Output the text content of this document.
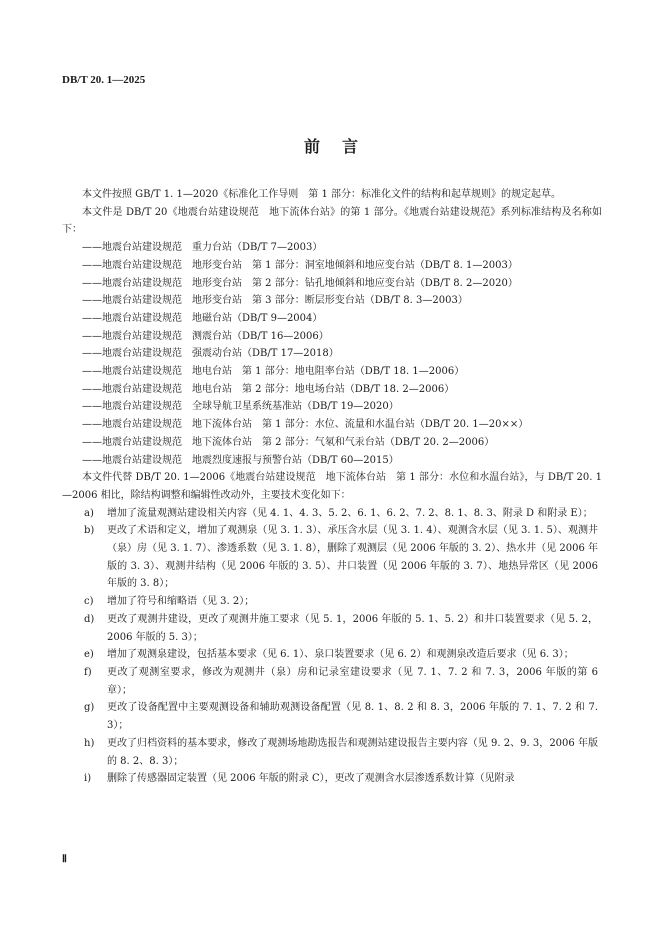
DB/T 20. 1—2025
前言

本文件按照 GB/T 1. 1—2020《标准化工作导则　第 1 部分：标准化文件的结构和起草规则》的规定起草。

本文件是 DB/T 20《地震台站建设规范　地下流体台站》的第 1 部分。《地震台站建设规范》系列标准结构及名称如下：

——地震台站建设规范　重力台站（DB/T 7—2003）
——地震台站建设规范　地形变台站　第 1 部分：洞室地倾斜和地应变台站（DB/T 8. 1—2003）
——地震台站建设规范　地形变台站　第 2 部分：钻孔地倾斜和地应变台站（DB/T 8. 2—2020）
——地震台站建设规范　地形变台站　第 3 部分：断层形变台站（DB/T 8. 3—2003）
——地震台站建设规范　地磁台站（DB/T 9—2004）
——地震台站建设规范　测震台站（DB/T 16—2006）
——地震台站建设规范　强震动台站（DB/T 17—2018）
——地震台站建设规范　地电台站　第 1 部分：地电阻率台站（DB/T 18. 1—2006）
——地震台站建设规范　地电台站　第 2 部分：地电场台站（DB/T 18. 2—2006）
——地震台站建设规范　全球导航卫星系统基准站（DB/T 19—2020）
——地震台站建设规范　地下流体台站　第 1 部分：水位、流量和水温台站（DB/T 20. 1—20××）
——地震台站建设规范　地下流体台站　第 2 部分：气氡和气汞台站（DB/T 20. 2—2006）
——地震台站建设规范　地震烈度速报与预警台站（DB/T 60—2015）

本文件代替 DB/T 20. 1—2006《地震台站建设规范　地下流体台站　第 1 部分：水位和水温台站》，与 DB/T 20. 1—2006 相比，除结构调整和编辑性改动外，主要技术变化如下：

a) 增加了流量观测站建设相关内容（见 4. 1、4. 3、5. 2、6. 1、6. 2、7. 2、8. 1、8. 3、附录 D 和附录 E）；
b) 更改了术语和定义，增加了观测泉（见 3. 1. 3）、承压含水层（见 3. 1. 4）、观测含水层（见 3. 1. 5）、观测井（泉）房（见 3. 1. 7）、渗透系数（见 3. 1. 8），删除了观测层（见 2006 年版的 3. 2）、热水井（见 2006 年版的 3. 3）、观测井结构（见 2006 年版的 3. 5）、井口装置（见 2006 年版的 3. 7）、地热异常区（见 2006 年版的 3. 8）；
c) 增加了符号和缩略语（见 3. 2）；
d) 更改了观测井建设，更改了观测井施工要求（见 5. 1，2006 年版的 5. 1、5. 2）和井口装置要求（见 5. 2，2006 年版的 5. 3）；
e) 增加了观测泉建设，包括基本要求（见 6. 1）、泉口装置要求（见 6. 2）和观测泉改造后要求（见 6. 3）；
f) 更改了观测室要求，修改为观测井（泉）房和记录室建设要求（见 7. 1、7. 2 和 7. 3，2006 年版的第 6 章）；
g) 更改了设备配置中主要观测设备和辅助观测设备配置（见 8. 1、8. 2 和 8. 3，2006 年版的 7. 1、7. 2 和 7. 3）；
h) 更改了归档资料的基本要求，修改了观测场地勘选报告和观测站建设报告主要内容（见 9. 2、9. 3，2006 年版的 8. 2、8. 3）；
i) 删除了传感器固定装置（见 2006 年版的附录 C），更改了观测含水层渗透系数计算（见附录
Ⅱ
